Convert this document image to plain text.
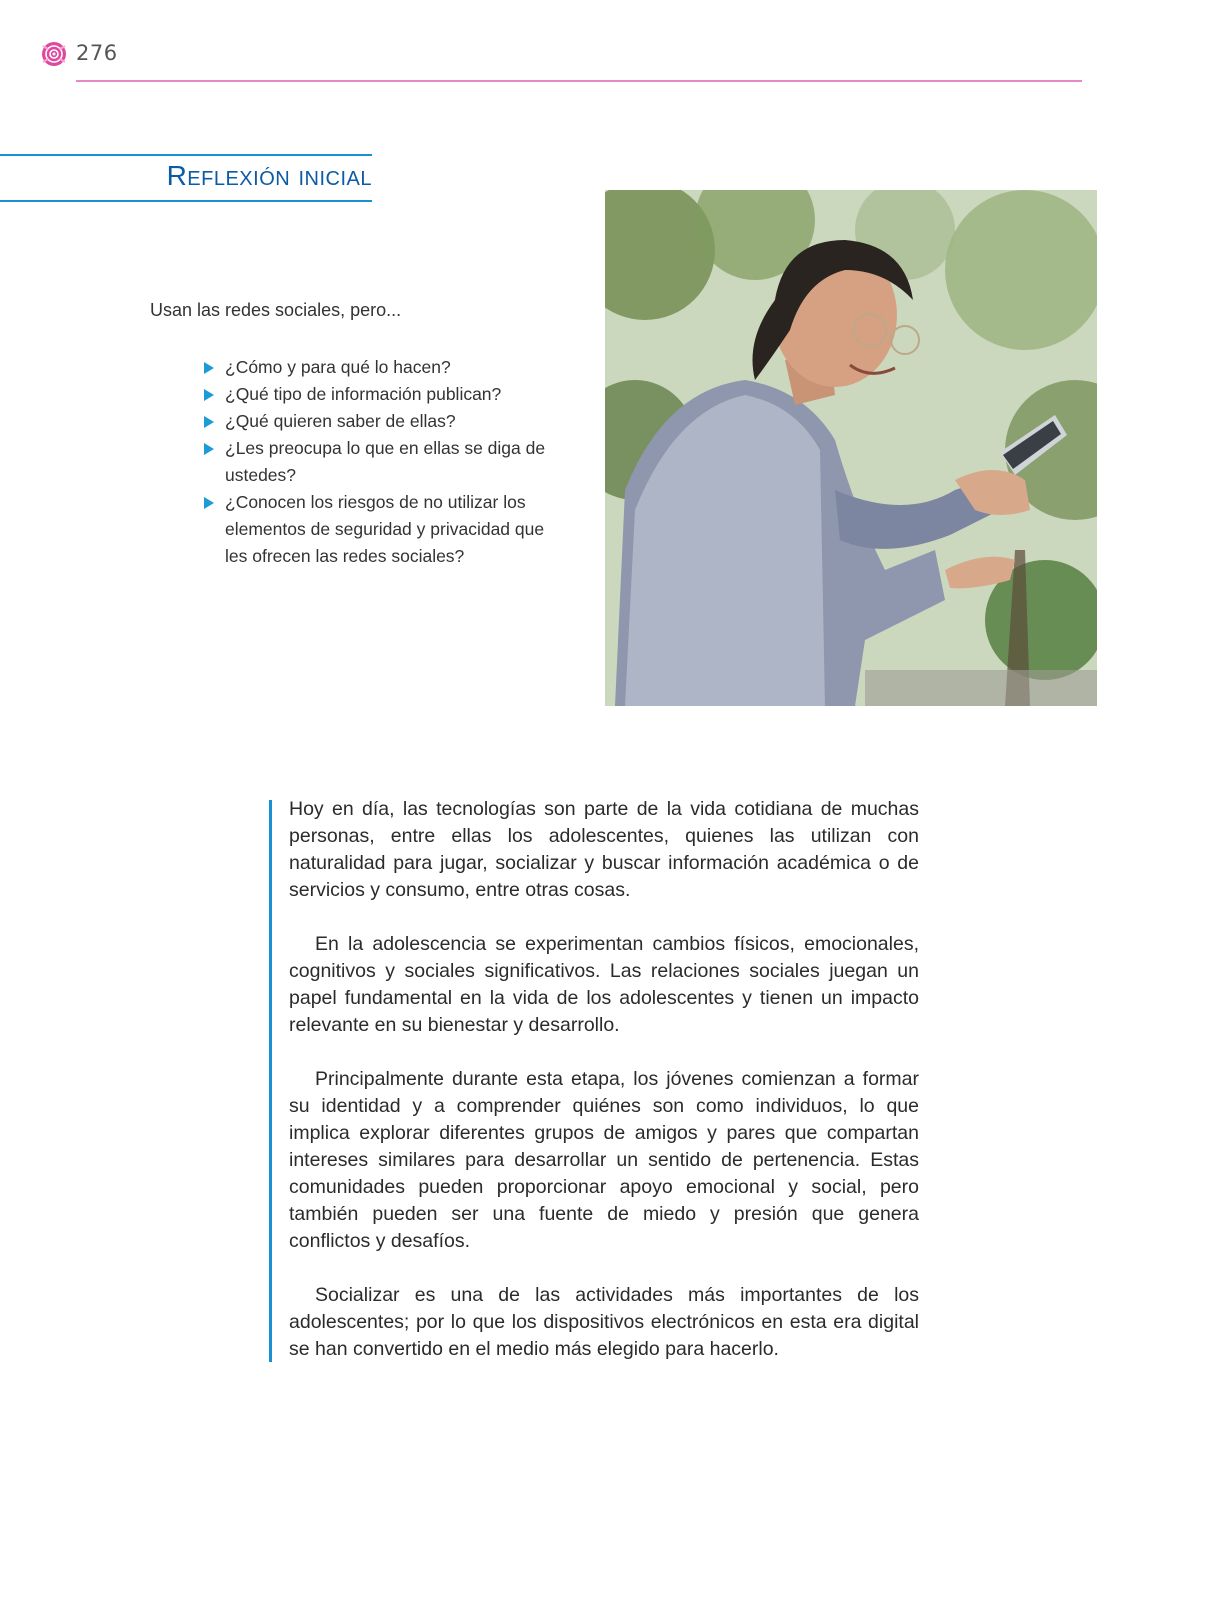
276
Reflexión inicial
Usan las redes sociales, pero...
¿Cómo y para qué lo hacen?
¿Qué tipo de información publican?
¿Qué quieren saber de ellas?
¿Les preocupa lo que en ellas se diga de ustedes?
¿Conocen los riesgos de no utilizar los elementos de seguridad y privacidad que les ofrecen las redes sociales?

Hoy en día, las tecnologías son parte de la vida cotidiana de muchas personas, entre ellas los adolescentes, quienes las utilizan con naturalidad para jugar, socializar y buscar información académica o de servicios y consumo, entre otras cosas.

En la adolescencia se experimentan cambios físicos, emocionales, cognitivos y sociales significativos. Las relaciones sociales juegan un papel fundamental en la vida de los adolescentes y tienen un impacto relevante en su bienestar y desarrollo.

Principalmente durante esta etapa, los jóvenes comienzan a formar su identidad y a comprender quiénes son como individuos, lo que implica explorar diferentes grupos de amigos y pares que compartan intereses similares para desarrollar un sentido de pertenencia. Estas comunidades pueden proporcionar apoyo emocional y social, pero también pueden ser una fuente de miedo y presión que genera conflictos y desafíos.

Socializar es una de las actividades más importantes de los adolescentes; por lo que los dispositivos electrónicos en esta era digital se han convertido en el medio más elegido para hacerlo.
